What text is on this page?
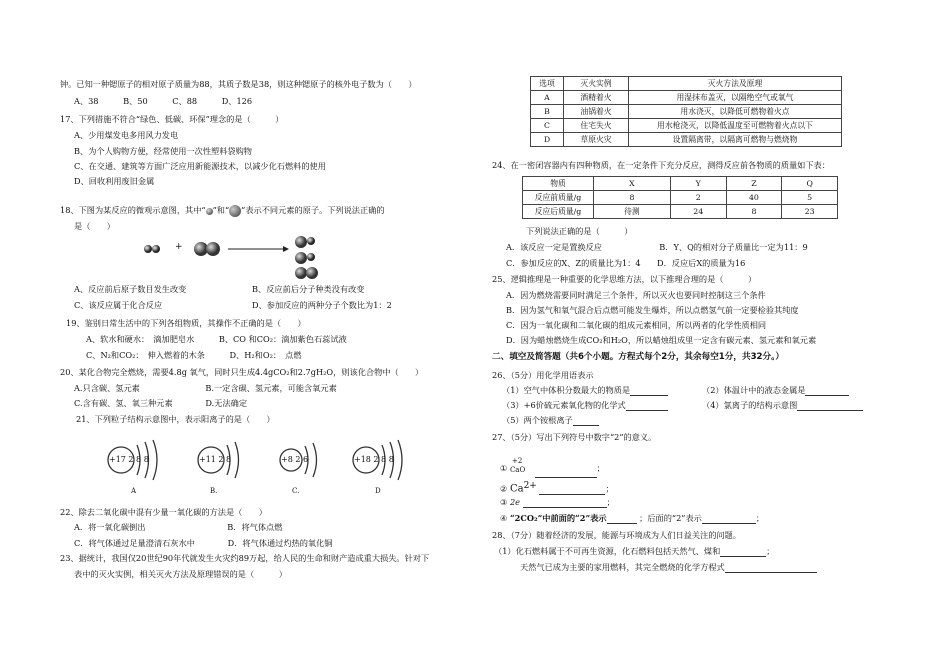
钟。已知一种锶原子的相对原子质量为88，其质子数是38，则这种锶原子的核外电子数为（　　）
A、38　　　B、50　　　C、88　　　D、126
17、下列措施不符合“绿色、低碳、环保”理念的是（　　　）
A、少用煤发电多用风力发电
B、为个人购物方便，经常使用一次性塑料袋购物
C、在交通、建筑等方面广泛应用新能源技术，以减少化石燃料的使用
D、回收利用废旧金属
18、下图为某反应的微观示意图，其中“ ”和“ ”表示不同元素的原子。下列说法正确的
是（　　）
+
A、反应前后原子数目发生改变	B、反应前后分子种类没有改变
C、该反应属于化合反应	D、参加反应的两种分子个数比为1：2
19、鉴别日常生活中的下列各组物质，其操作不正确的是（　　）
A、软水和硬水：　滴加肥皂水　　　B、CO 和CO₂：滴加紫色石蕊试液
C、N₂和CO₂：　伸入燃着的木条　　　D、H₂和O₂：　点燃
20、某化合物完全燃烧，需要4.8g 氧气，同时只生成4.4gCO₂和2.7gH₂O，则该化合物中（　　）
A.只含碳、氢元素　　　　　　　　B.一定含碳、氢元素，可能含氧元素
C.含有碳、氢、氧三种元素　　　　D.无法确定
21、下列粒子结构示意图中，表示阳离子的是（　　）
+17 2 8 8	+11 2 8	+8 2 6	+18 2 8 8
A	B.	C.	D
22、除去二氧化碳中混有少量一氧化碳的方法是（　　）
A．将一氧化碳倒出　　　　　　　　　　B．将气体点燃
C．将气体通过足量澄清石灰水中　　　　D．将气体通过灼热的氧化铜
23、据统计，我国仅20世纪90年代就发生火灾约89万起，给人民的生命和财产造成重大损失。针对下
表中的灭火实例，相关灭火方法及原理错误的是（　　　）
选项	灭火实例	灭火方法及原理
A	酒精着火	用湿抹布盖灭，以隔绝空气或氧气
B	油锅着火	用水浇灭，以降低可燃物着火点
C	住宅失火	用水枪浇灭，以降低温度至可燃物着火点以下
D	草原火灾	设置隔离带，以隔离可燃物与燃烧物
24、在一密闭容器内有四种物质，在一定条件下充分反应，测得反应前各物质的质量如下表：
物质	X	Y	Z	Q
反应前质量/g	8	2	40	5
反应后质量/g	待测	24	8	23
下列说法正确的是（　　　）
A．该反应一定是置换反应　　　　　　　B．Y、Q的相对分子质量比一定为11：9
C．参加反应的X、Z的质量比为1：4　　D．反应后X的质量为16
25、逻辑推理是一种重要的化学思维方法，以下推理合理的是（　　　）
A．因为燃烧需要同时满足三个条件，所以灭火也要同时控制这三个条件
B．因为氢气和氧气混合后点燃可能发生爆炸，所以点燃氢气前一定要检验其纯度
C．因为一氧化碳和二氧化碳的组成元素相同，所以两者的化学性质相同
D．因为蜡烛燃烧生成CO₂和H₂O，所以蜡烛组成里一定含有碳元素、氢元素和氧元素
二、填空及简答题（共6个小题。方程式每个2分，其余每空1分，共32分。）
26、（5分）用化学用语表示
（1）空气中体积分数最大的物质是	（2）体温计中的液态金属是
（3）+6价硫元素氧化物的化学式	（4）氯离子的结构示意图
（5）两个铵根离子
27、（5分）写出下列符号中数字“2”的意义。
①
+2
CaO	；
② $Ca^{2+}$	；
③ 2e	；
④ “2CO₂”中前面的“2”表示	；后面的“2”表示	；
28、（7分）随着经济的发展，能源与环境成为人们日益关注的问题。
（1）化石燃料属于不可再生资源，化石燃料包括天然气、煤和	；
天然气已成为主要的家用燃料，其完全燃烧的化学方程式
